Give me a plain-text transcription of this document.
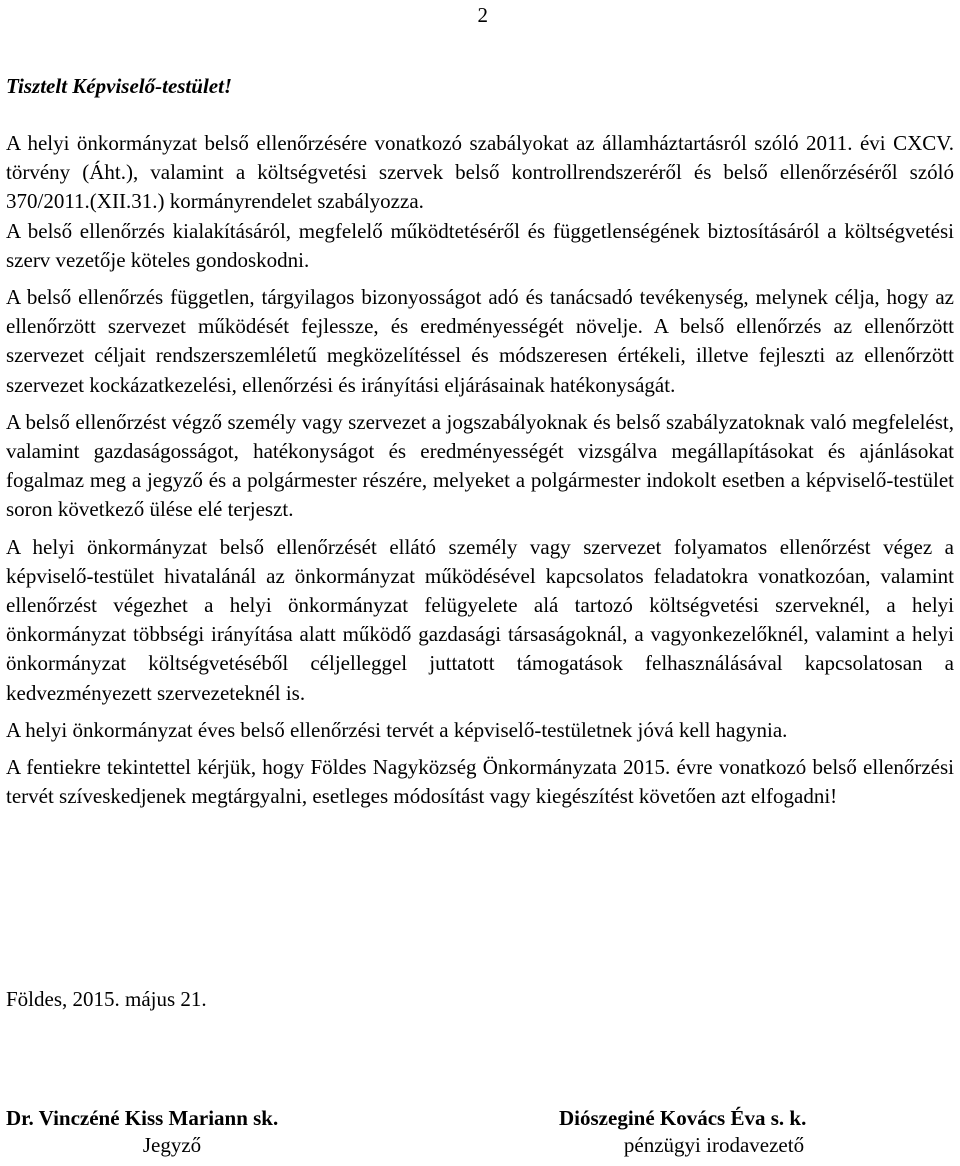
2

Tisztelt Képviselő-testület!

A helyi önkormányzat belső ellenőrzésére vonatkozó szabályokat az államháztartásról szóló 2011. évi CXCV. törvény (Áht.), valamint a költségvetési szervek belső kontrollrendszeréről és belső ellenőrzéséről szóló 370/2011.(XII.31.) kormányrendelet szabályozza.

A belső ellenőrzés kialakításáról, megfelelő működtetéséről és függetlenségének biztosításáról a költségvetési szerv vezetője köteles gondoskodni.

A belső ellenőrzés független, tárgyilagos bizonyosságot adó és tanácsadó tevékenység, melynek célja, hogy az ellenőrzött szervezet működését fejlessze, és eredményességét növelje. A belső ellenőrzés az ellenőrzött szervezet céljait rendszerszemléletű megközelítéssel és módszeresen értékeli, illetve fejleszti az ellenőrzött szervezet kockázatkezelési, ellenőrzési és irányítási eljárásainak hatékonyságát.

A belső ellenőrzést végző személy vagy szervezet a jogszabályoknak és belső szabályzatoknak való megfelelést, valamint gazdaságosságot, hatékonyságot és eredményességét vizsgálva megállapításokat és ajánlásokat fogalmaz meg a jegyző és a polgármester részére, melyeket a polgármester indokolt esetben a képviselő-testület soron következő ülése elé terjeszt.

A helyi önkormányzat belső ellenőrzését ellátó személy vagy szervezet folyamatos ellenőrzést végez a képviselő-testület hivatalánál az önkormányzat működésével kapcsolatos feladatokra vonatkozóan, valamint ellenőrzést végezhet a helyi önkormányzat felügyelete alá tartozó költségvetési szerveknél, a helyi önkormányzat többségi irányítása alatt működő gazdasági társaságoknál, a vagyonkezelőknél, valamint a helyi önkormányzat költségvetéséből céljelleggel juttatott támogatások felhasználásával kapcsolatosan a kedvezményezett szervezeteknél is.

A helyi önkormányzat éves belső ellenőrzési tervét a képviselő-testületnek jóvá kell hagynia.

A fentiekre tekintettel kérjük, hogy Földes Nagyközség Önkormányzata 2015. évre vonatkozó belső ellenőrzési tervét szíveskedjenek megtárgyalni, esetleges módosítást vagy kiegészítést követően azt elfogadni!

Földes, 2015. május 21.

Dr. Vinczéné Kiss Mariann sk.
Jegyző
Diószeginé Kovács Éva s. k.
pénzügyi irodavezető
